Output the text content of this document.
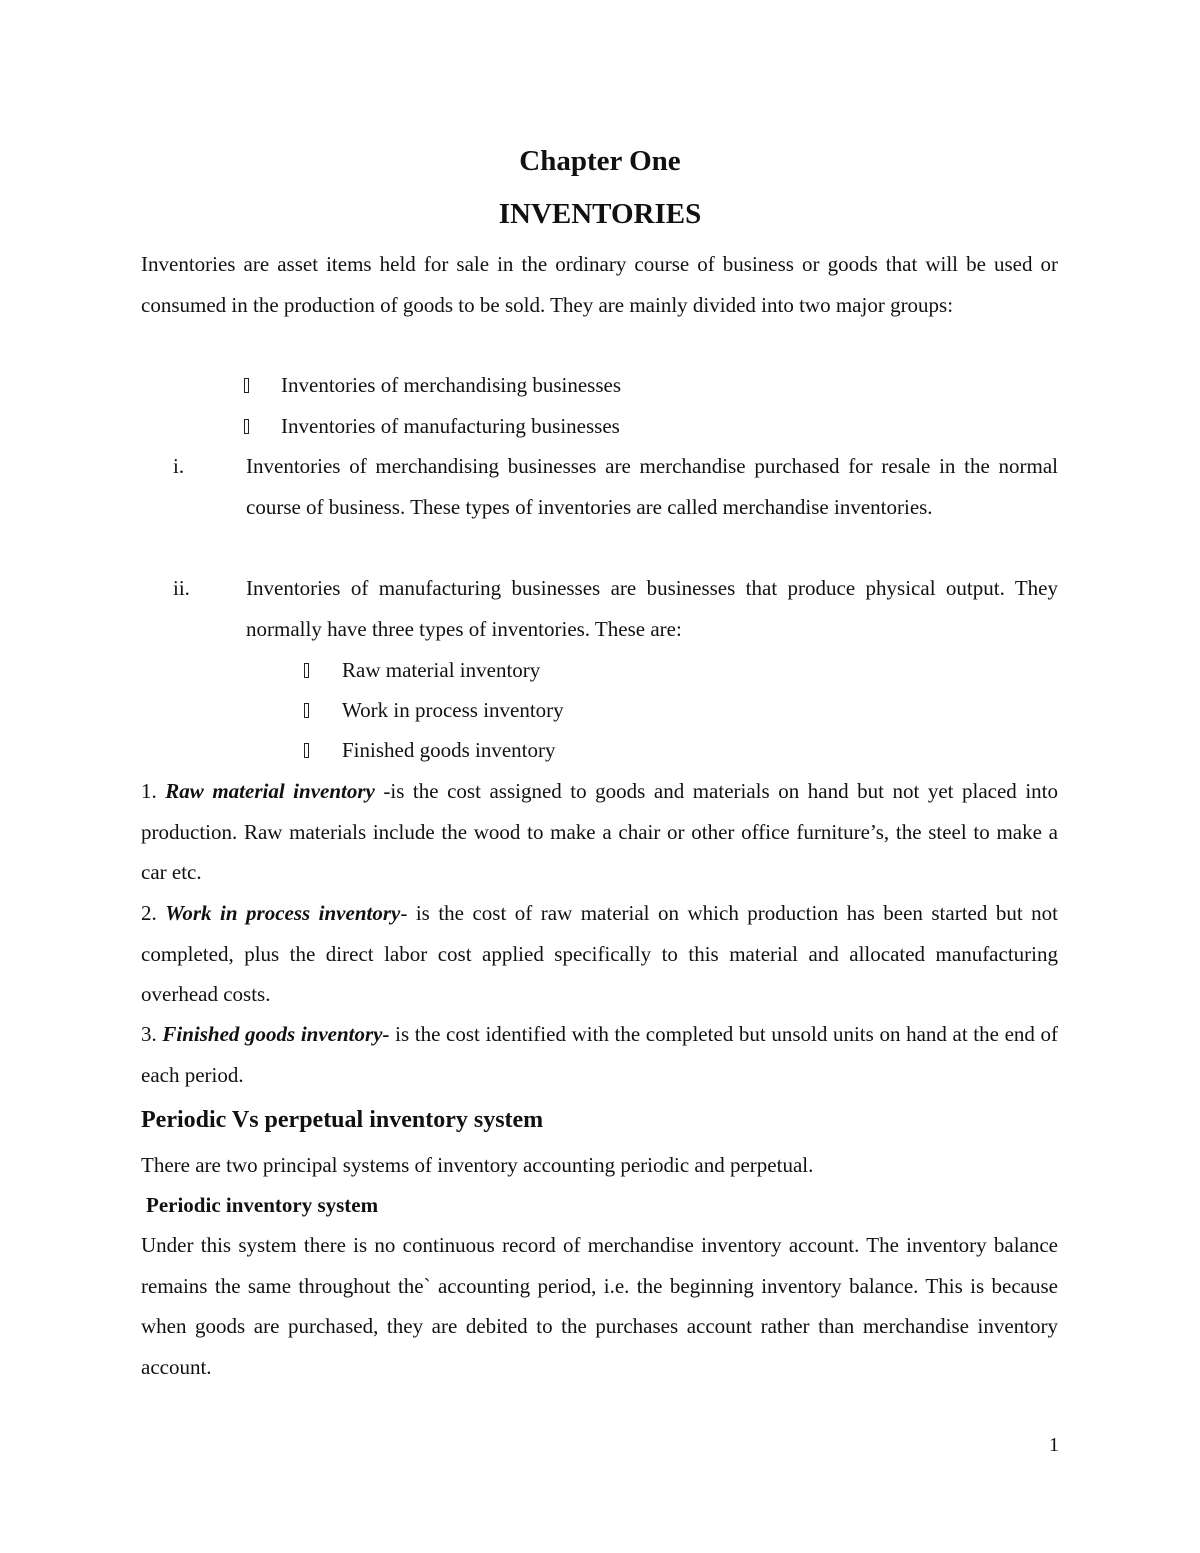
Chapter One
INVENTORIES
Inventories are asset items held for sale in the ordinary course of business or goods that will be used or consumed in the production of goods to be sold. They are mainly divided into two major groups:
Inventories of merchandising businesses
Inventories of manufacturing businesses
i.	Inventories of merchandising businesses are merchandise purchased for resale in the normal course of business. These types of inventories are called merchandise inventories.
ii.	Inventories of manufacturing businesses are businesses that produce physical output. They normally have three types of inventories. These are:
Raw material inventory
Work in process inventory
Finished goods inventory
1. Raw material inventory -is the cost assigned to goods and materials on hand but not yet placed into production. Raw materials include the wood to make a chair or other office furniture’s, the steel to make a car etc.
2. Work in process inventory- is the cost of raw material on which production has been started but not completed, plus the direct labor cost applied specifically to this material and allocated manufacturing overhead costs.
3. Finished goods inventory- is the cost identified with the completed but unsold units on hand at the end of each period.
Periodic Vs perpetual inventory system
There are two principal systems of inventory accounting periodic and perpetual.
Periodic inventory system
Under this system there is no continuous record of merchandise inventory account. The inventory balance remains the same throughout the` accounting period, i.e. the beginning inventory balance. This is because when goods are purchased, they are debited to the purchases account rather than merchandise inventory account.
1
